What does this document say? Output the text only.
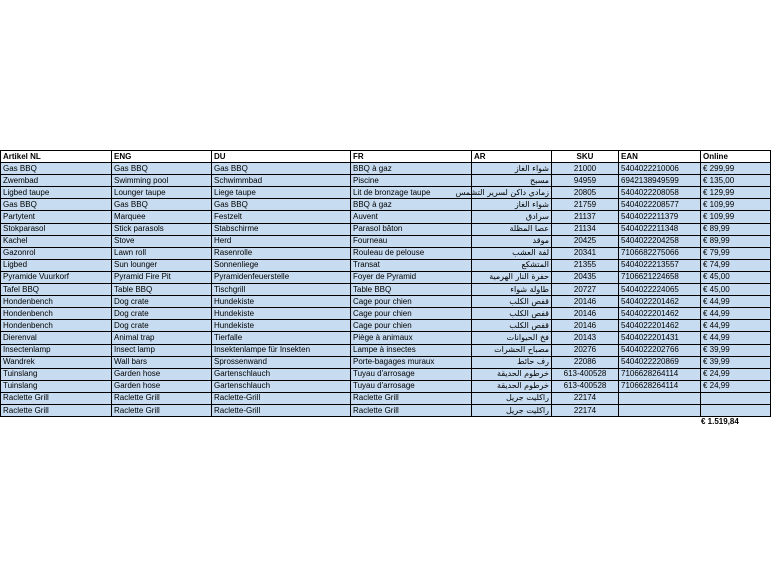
Artikel NL	ENG	DU	FR	AR	SKU	EAN	Online
Gas BBQ	Gas BBQ	Gas BBQ	BBQ à gaz	شواء الغاز	21000	5404022210006	€ 299,99
Zwembad	Swimming pool	Schwimmbad	Piscine	مسبح	94959	6942138949599	€ 135,00
Ligbed taupe	Lounger taupe	Liege taupe	Lit de bronzage taupe	زمادي داكن لسرير التشمس	20805	5404022208058	€ 129,99
Gas BBQ	Gas BBQ	Gas BBQ	BBQ à gaz	شواء الغاز	21759	5404022208577	€ 109,99
Partytent	Marquee	Festzelt	Auvent	سرادق	21137	5404022211379	€ 109,99
Stokparasol	Stick parasols	Stabschirme	Parasol bâton	عصا المظلة	21134	5404022211348	€ 89,99
Kachel	Stove	Herd	Fourneau	موقد	20425	5404022204258	€ 89,99
Gazonrol	Lawn roll	Rasenrolle	Rouleau de pelouse	لفة العشب	20341	7106682275066	€ 79,99
Ligbed	Sun lounger	Sonnenliege	Transat	المتشكع	21355	5404022213557	€ 74,99
Pyramide Vuurkorf	Pyramid Fire Pit	Pyramidenfeuerstelle	Foyer de Pyramid	حفرة النار الهرمية	20435	7106621224658	€ 45,00
Tafel BBQ	Table BBQ	Tischgrill	Table BBQ	طاولة شواء	20727	5404022224065	€ 45,00
Hondenbench	Dog crate	Hundekiste	Cage pour chien	قفص الكلب	20146	5404022201462	€ 44,99
Hondenbench	Dog crate	Hundekiste	Cage pour chien	قفص الكلب	20146	5404022201462	€ 44,99
Hondenbench	Dog crate	Hundekiste	Cage pour chien	قفص الكلب	20146	5404022201462	€ 44,99
Dierenval	Animal trap	Tierfalle	Piège à animaux	فخ الحيوانات	20143	5404022201431	€ 44,99
Insectenlamp	Insect lamp	Insektenlampe für Insekten	Lampe à insectes	مصباح الحشرات	20276	5404022202766	€ 39,99
Wandrek	Wall bars	Sprossenwand	Porte-bagages muraux	رف حائط	22086	5404022220869	€ 39,99
Tuinslang	Garden hose	Gartenschlauch	Tuyau d'arrosage	خرطوم الحديقة	613-400528	7106628264114	€ 24,99
Tuinslang	Garden hose	Gartenschlauch	Tuyau d'arrosage	خرطوم الحديقة	613-400528	7106628264114	€ 24,99
Raclette Grill	Raclette Grill	Raclette-Grill	Raclette Grill	راكليت جريل	22174		
Raclette Grill	Raclette Grill	Raclette-Grill	Raclette Grill	راكليت جريل	22174		
€ 1.519,84
